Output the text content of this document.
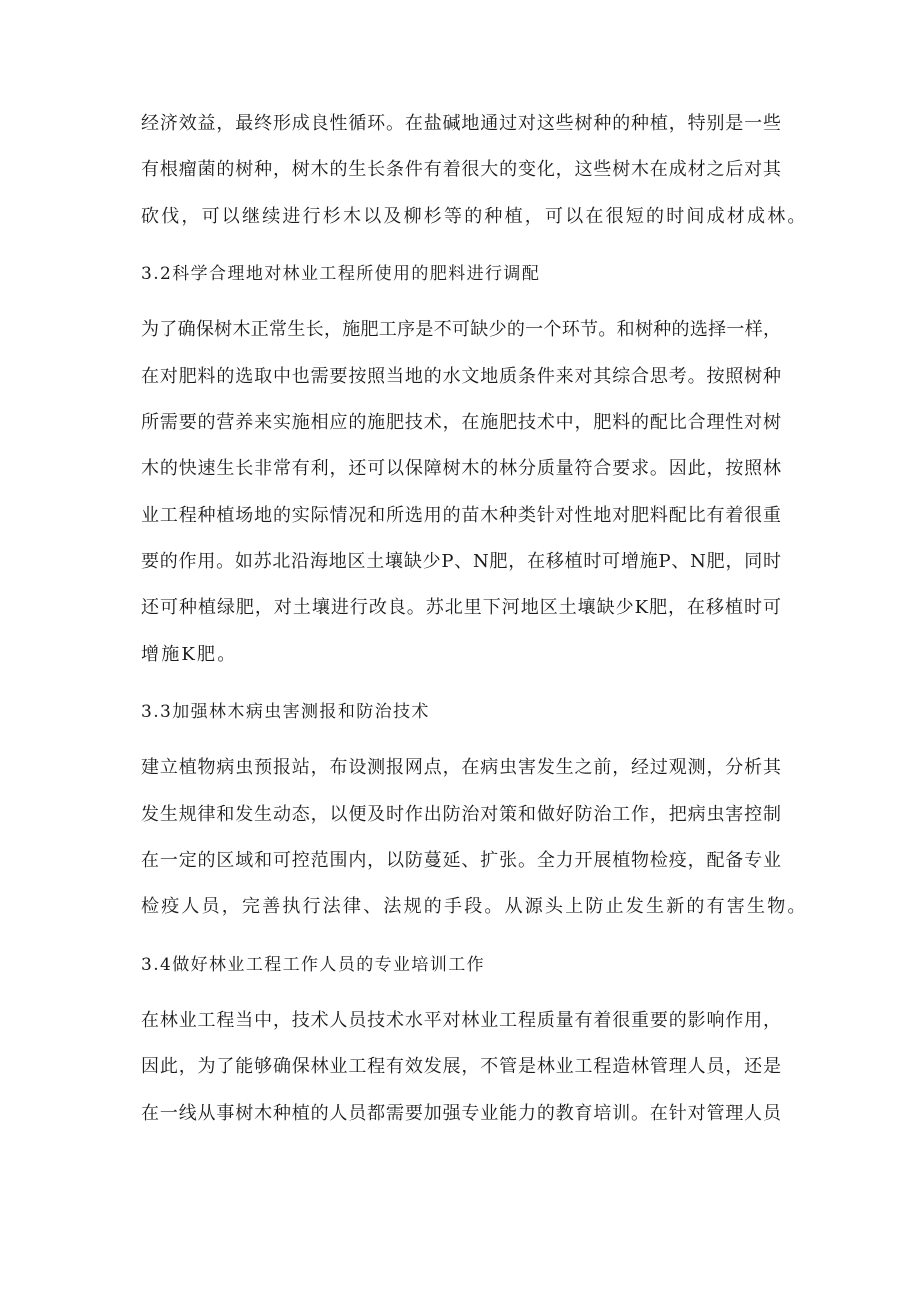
经济效益，最终形成良性循环。在盐碱地通过对这些树种的种植，特别是一些
有根瘤菌的树种，树木的生长条件有着很大的变化，这些树木在成材之后对其
砍伐，可以继续进行杉木以及柳杉等的种植，可以在很短的时间成材成林。
3.2科学合理地对林业工程所使用的肥料进行调配
为了确保树木正常生长，施肥工序是不可缺少的一个环节。和树种的选择一样，
在对肥料的选取中也需要按照当地的水文地质条件来对其综合思考。按照树种
所需要的营养来实施相应的施肥技术，在施肥技术中，肥料的配比合理性对树
木的快速生长非常有利，还可以保障树木的林分质量符合要求。因此，按照林
业工程种植场地的实际情况和所选用的苗木种类针对性地对肥料配比有着很重
要的作用。如苏北沿海地区土壤缺少P、N肥，在移植时可增施P、N肥，同时
还可种植绿肥，对土壤进行改良。苏北里下河地区土壤缺少K肥，在移植时可
增施K肥。
3.3加强林木病虫害测报和防治技术
建立植物病虫预报站，布设测报网点，在病虫害发生之前，经过观测，分析其
发生规律和发生动态，以便及时作出防治对策和做好防治工作，把病虫害控制
在一定的区域和可控范围内，以防蔓延、扩张。全力开展植物检疫，配备专业
检疫人员，完善执行法律、法规的手段。从源头上防止发生新的有害生物。
3.4做好林业工程工作人员的专业培训工作
在林业工程当中，技术人员技术水平对林业工程质量有着很重要的影响作用，
因此，为了能够确保林业工程有效发展，不管是林业工程造林管理人员，还是
在一线从事树木种植的人员都需要加强专业能力的教育培训。在针对管理人员
